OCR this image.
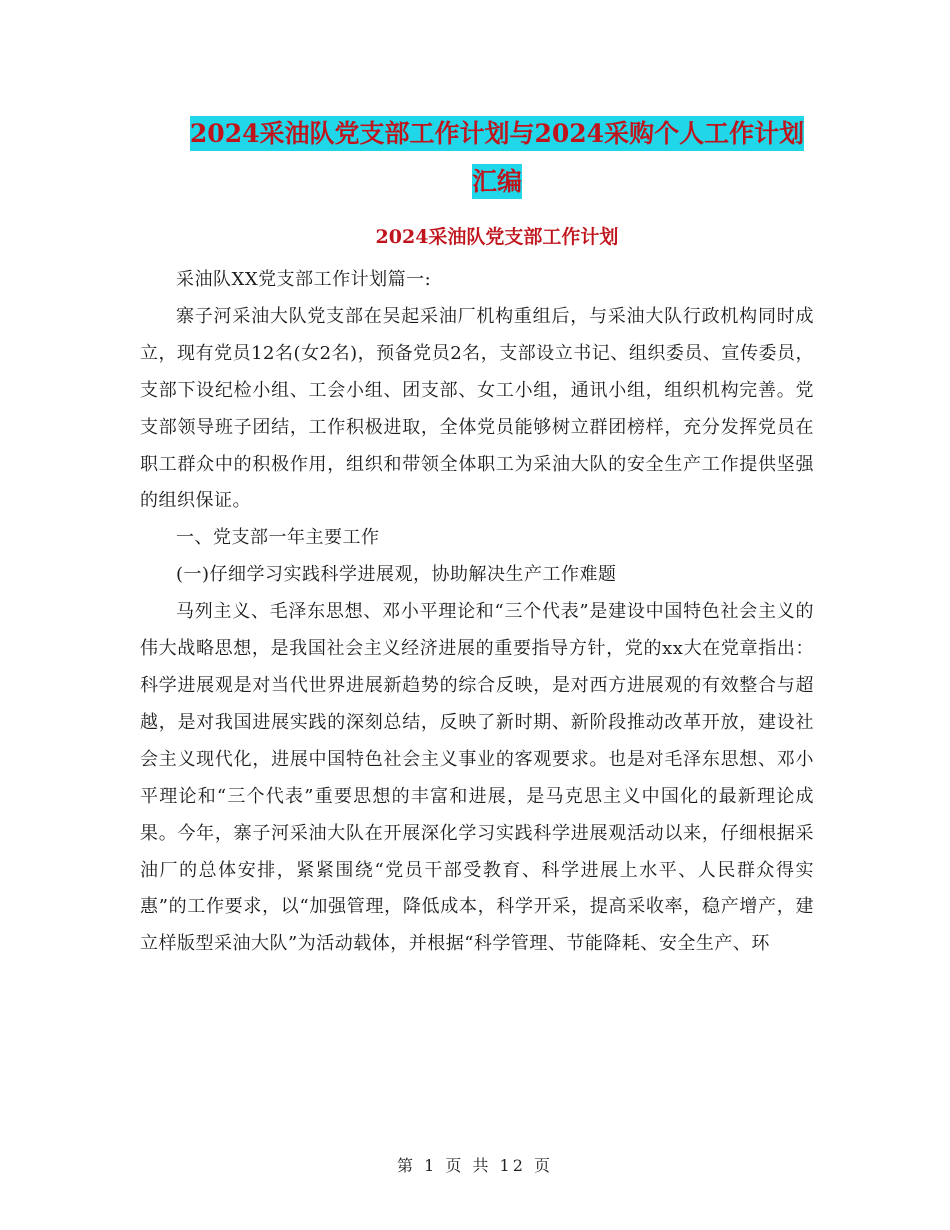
2024采油队党支部工作计划与2024采购个人工作计划
汇编
2024采油队党支部工作计划

采油队XX党支部工作计划篇一:

寨子河采油大队党支部在吴起采油厂机构重组后，与采油大队行政机构同时成立，现有党员12名(女2名)，预备党员2名，支部设立书记、组织委员、宣传委员，支部下设纪检小组、工会小组、团支部、女工小组，通讯小组，组织机构完善。党支部领导班子团结，工作积极进取，全体党员能够树立群团榜样，充分发挥党员在职工群众中的积极作用，组织和带领全体职工为采油大队的安全生产工作提供坚强的组织保证。

一、党支部一年主要工作

(一)仔细学习实践科学进展观，协助解决生产工作难题

马列主义、毛泽东思想、邓小平理论和“三个代表”是建设中国特色社会主义的伟大战略思想，是我国社会主义经济进展的重要指导方针，党的xx大在党章指出：科学进展观是对当代世界进展新趋势的综合反映，是对西方进展观的有效整合与超越，是对我国进展实践的深刻总结，反映了新时期、新阶段推动改革开放，建设社会主义现代化，进展中国特色社会主义事业的客观要求。也是对毛泽东思想、邓小平理论和“三个代表”重要思想的丰富和进展，是马克思主义中国化的最新理论成果。今年，寨子河采油大队在开展深化学习实践科学进展观活动以来，仔细根据采油厂的总体安排，紧紧围绕“党员干部受教育、科学进展上水平、人民群众得实惠”的工作要求，以“加强管理，降低成本，科学开采，提高采收率，稳产增产，建立样版型采油大队”为活动载体，并根据“科学管理、节能降耗、安全生产、环

第 1 页 共 12 页
